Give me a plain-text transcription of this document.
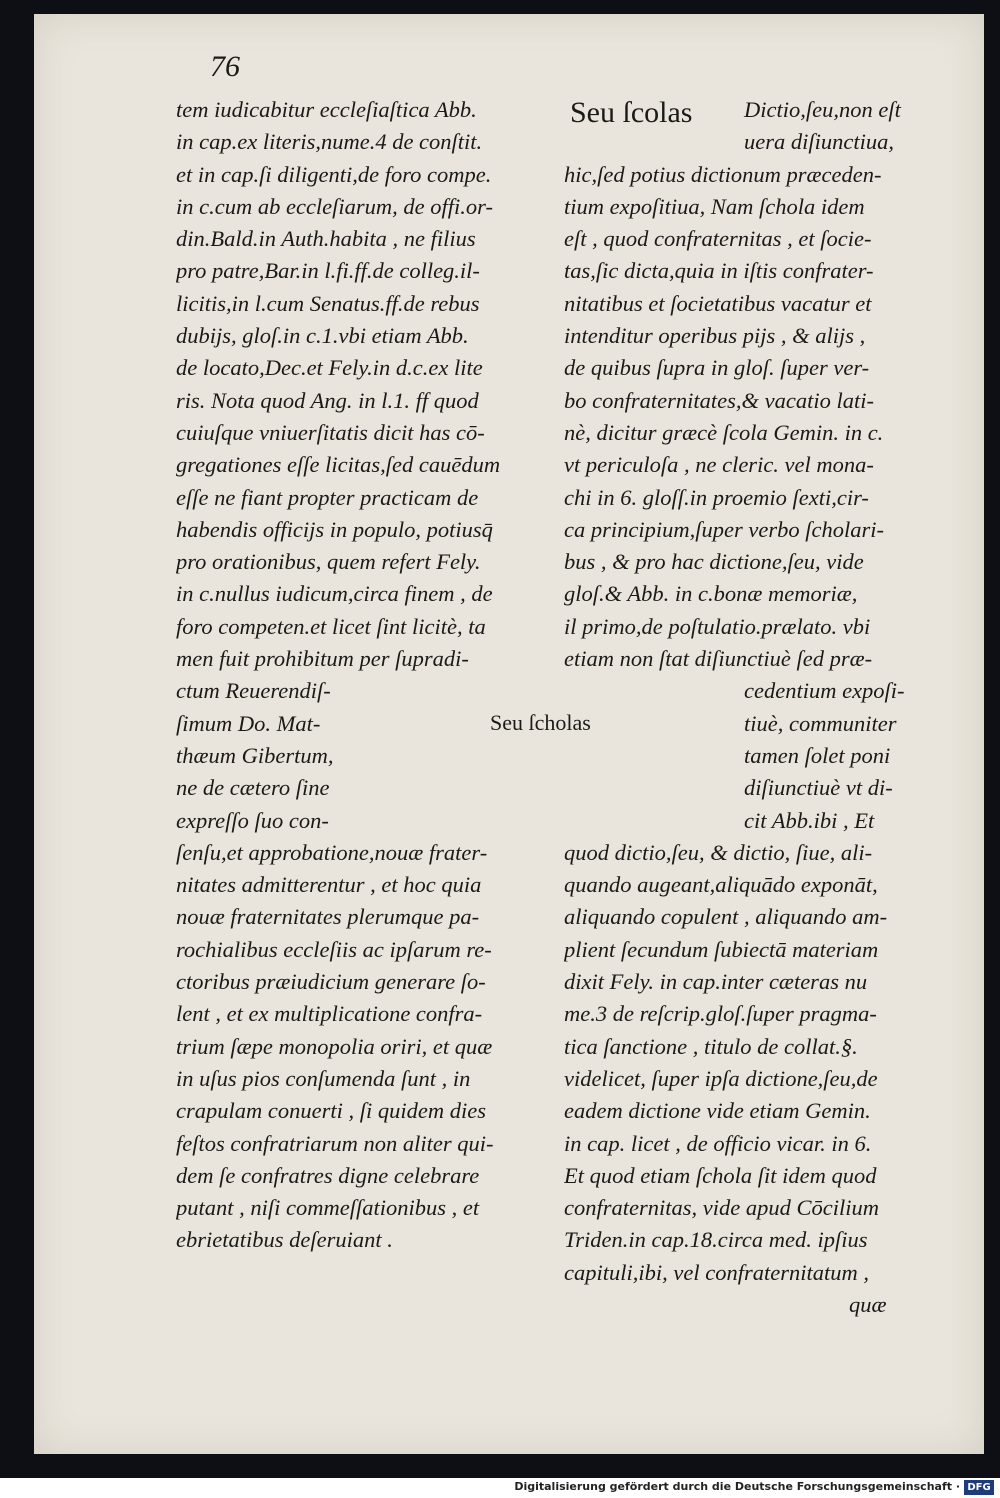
76

tem iudicabitur eccleſiaſtica Abb.
in cap.ex literis,nume.4 de conſtit.
et in cap.ſi diligenti,de foro compe.
in c.cum ab eccleſiarum, de offi.or-
din.Bald.in Auth.habita , ne filius
pro patre,Bar.in l.fi.ff.de colleg.il-
licitis,in l.cum Senatus.ff.de rebus
dubijs, gloſ.in c.1.vbi etiam Abb.
de locato,Dec.et Fely.in d.c.ex lite
ris. Nota quod Ang. in l.1. ff quod
cuiuſque vniuerſitatis dicit has cō-
gregationes eſſe licitas,ſed cauēdum
eſſe ne fiant propter practicam de
habendis officijs in populo, potiusq̄
pro orationibus, quem refert Fely.
in c.nullus iudicum,circa finem , de
foro competen.et licet ſint licitè, ta
men fuit prohibitum per ſupradi-
ctum Reuerendiſ-
ſimum Do. Mat-
thæum Gibertum,
ne de cætero ſine
expreſſo ſuo con-
ſenſu,et approbatione,nouæ frater-
nitates admitterentur , et hoc quia
nouæ fraternitates plerumque pa-
rochialibus eccleſiis ac ipſarum re-
ctoribus præiudicium generare ſo-
lent , et ex multiplicatione confra-
trium ſæpe monopolia oriri, et quæ
in uſus pios conſumenda ſunt , in
crapulam conuerti , ſi quidem dies
feſtos confratriarum non aliter qui-
dem ſe confratres digne celebrare
putant , niſi commeſſationibus , et
ebrietatibus deſeruiant .
Dictio,ſeu,non eſt
uera diſiunctiua,
hic,ſed potius dictionum præceden-
tium expoſitiua, Nam ſchola idem
eſt , quod confraternitas , et ſocie-
tas,ſic dicta,quia in iſtis confrater-
nitatibus et ſocietatibus vacatur et
intenditur operibus pijs , & alijs ,
de quibus ſupra in gloſ. ſuper ver-
bo confraternitates,& vacatio lati-
nè, dicitur græcè ſcola Gemin. in c.
vt periculoſa , ne cleric. vel mona-
chi in 6. gloſſ.in proemio ſexti,cir-
ca principium,ſuper verbo ſcholari-
bus , & pro hac dictione,ſeu, vide
gloſ.& Abb. in c.bonæ memoriæ,
il primo,de poſtulatio.prælato. vbi
etiam non ſtat diſiunctiuè ſed præ-
cedentium expoſi-
tiuè, communiter
tamen ſolet poni
diſiunctiuè vt di-
cit Abb.ibi , Et
quod dictio,ſeu, & dictio, ſiue, ali-
quando augeant,aliquādo exponāt,
aliquando copulent , aliquando am-
plient ſecundum ſubiectā materiam
dixit Fely. in cap.inter cæteras nu
me.3 de reſcrip.gloſ.ſuper pragma-
tica ſanctione , titulo de collat.§.
videlicet, ſuper ipſa dictione,ſeu,de
eadem dictione vide etiam Gemin.
in cap. licet , de officio vicar. in 6.
Et quod etiam ſchola ſit idem quod
confraternitas, vide apud Cōcilium
Triden.in cap.18.circa med. ipſius
capituli,ibi, vel confraternitatum ,
quæ

Seu ſcolas

Seu ſcholas

Digitalisierung gefördert durch die Deutsche Forschungsgemeinschaft · DFG
